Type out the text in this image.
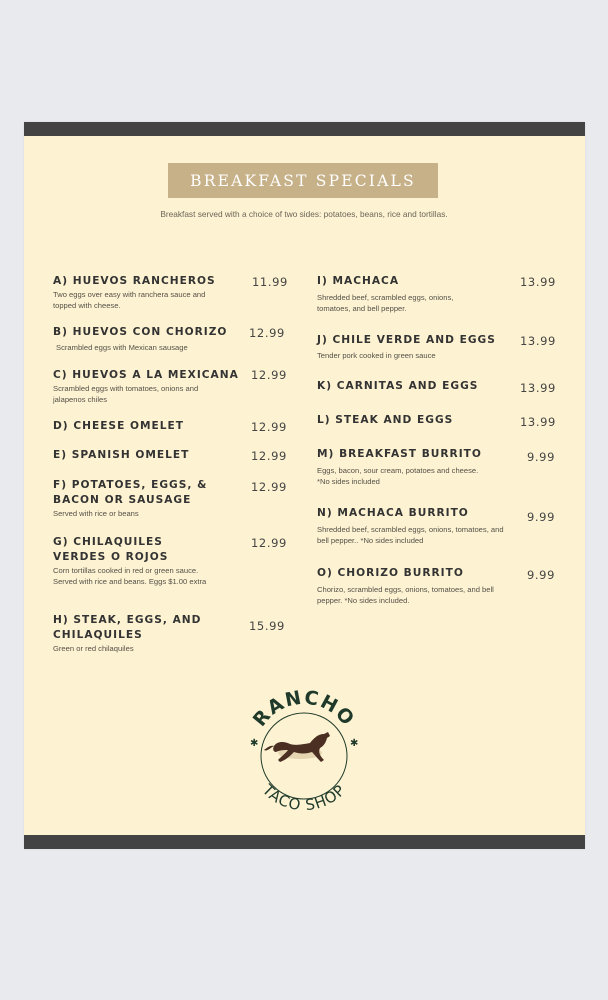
BREAKFAST SPECIALS
Breakfast served with a choice of two sides: potatoes, beans, rice and tortillas.
A) HUEVOS RANCHEROS
Two eggs over easy with ranchera sauce and topped with cheese.
11.99
B) HUEVOS CON CHORIZO
Scrambled eggs with Mexican sausage
12.99
C) HUEVOS A LA MEXICANA
Scrambled eggs with tomatoes, onions and jalapenos chiles
12.99
D) CHEESE OMELET	12.99
E) SPANISH OMELET	12.99
F) POTATOES, EGGS, & BACON OR SAUSAGE
Served with rice or beans
12.99
G) CHILAQUILES VERDES O ROJOS
Corn tortillas cooked in red or green sauce. Served with rice and beans. Eggs $1.00 extra
12.99
H) STEAK, EGGS, AND CHILAQUILES
Green or red chilaquiles
15.99
I) MACHACA
Shredded beef, scrambled eggs, onions, tomatoes, and bell pepper.
13.99
J) CHILE VERDE AND EGGS
Tender pork cooked in green sauce
13.99
K) CARNITAS AND EGGS	13.99
L) STEAK AND EGGS	13.99
M) BREAKFAST BURRITO
Eggs, bacon, sour cream, potatoes and cheese. *No sides included
9.99
N) MACHACA BURRITO
Shredded beef, scrambled eggs, onions, tomatoes, and bell pepper.. *No sides included
9.99
O) CHORIZO BURRITO
Chorizo, scrambled eggs, onions, tomatoes, and bell pepper. *No sides included.
9.99
RANCHO
✱	✱
TACO SHOP
